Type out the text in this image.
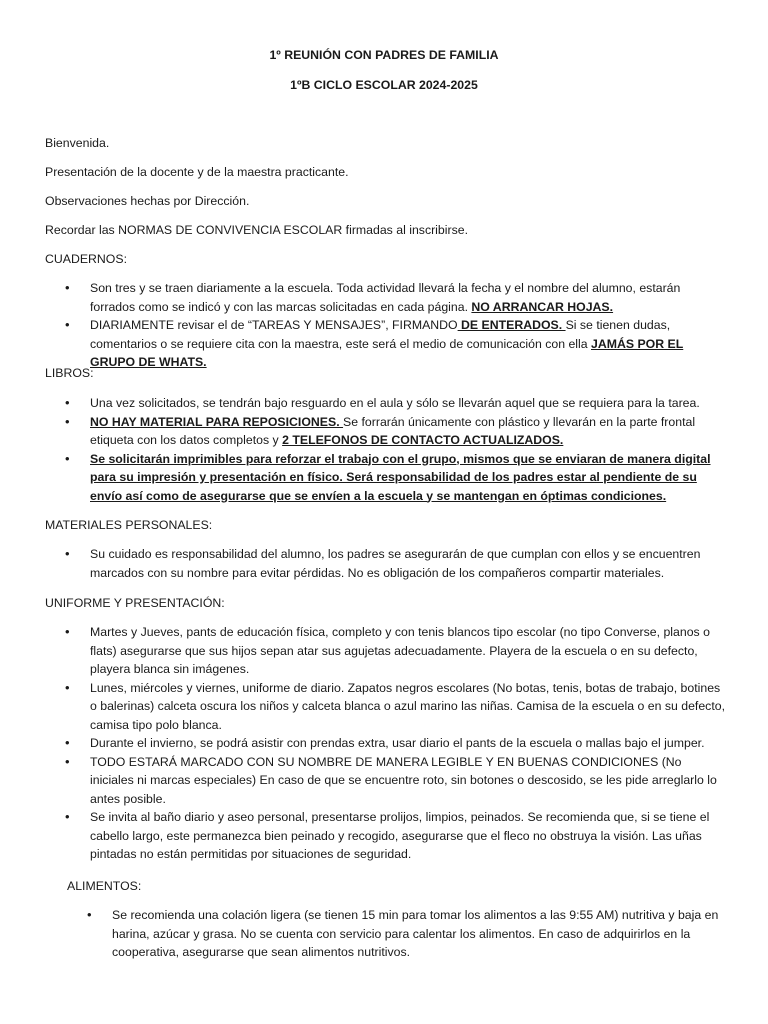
1º REUNIÓN CON PADRES DE FAMILIA
1ºB CICLO ESCOLAR 2024-2025
Bienvenida.
Presentación de la docente y de la maestra practicante.
Observaciones hechas por Dirección.
Recordar las NORMAS DE CONVIVENCIA ESCOLAR firmadas al inscribirse.
CUADERNOS:
• Son tres y se traen diariamente a la escuela. Toda actividad llevará la fecha y el nombre del alumno, estarán forrados como se indicó y con las marcas solicitadas en cada página. NO ARRANCAR HOJAS.
• DIARIAMENTE revisar el de “TAREAS Y MENSAJES”, FIRMANDO DE ENTERADOS. Si se tienen dudas, comentarios o se requiere cita con la maestra, este será el medio de comunicación con ella JAMÁS POR EL GRUPO DE WHATS.
LIBROS:
• Una vez solicitados, se tendrán bajo resguardo en el aula y sólo se llevarán aquel que se requiera para la tarea.
• NO HAY MATERIAL PARA REPOSICIONES. Se forrarán únicamente con plástico y llevarán en la parte frontal etiqueta con los datos completos y 2 TELEFONOS DE CONTACTO ACTUALIZADOS.
• Se solicitarán imprimibles para reforzar el trabajo con el grupo, mismos que se enviaran de manera digital para su impresión y presentación en físico. Será responsabilidad de los padres estar al pendiente de su envío así como de asegurarse que se envíen a la escuela y se mantengan en óptimas condiciones.
MATERIALES PERSONALES:
• Su cuidado es responsabilidad del alumno, los padres se asegurarán de que cumplan con ellos y se encuentren marcados con su nombre para evitar pérdidas. No es obligación de los compañeros compartir materiales.
UNIFORME Y PRESENTACIÓN:
• Martes y Jueves, pants de educación física, completo y con tenis blancos tipo escolar (no tipo Converse, planos o flats) asegurarse que sus hijos sepan atar sus agujetas adecuadamente. Playera de la escuela o en su defecto, playera blanca sin imágenes.
• Lunes, miércoles y viernes, uniforme de diario. Zapatos negros escolares (No botas, tenis, botas de trabajo, botines o balerinas) calceta oscura los niños y calceta blanca o azul marino las niñas. Camisa de la escuela o en su defecto, camisa tipo polo blanca.
• Durante el invierno, se podrá asistir con prendas extra, usar diario el pants de la escuela o mallas bajo el jumper.
• TODO ESTARÁ MARCADO CON SU NOMBRE DE MANERA LEGIBLE Y EN BUENAS CONDICIONES (No iniciales ni marcas especiales) En caso de que se encuentre roto, sin botones o descosido, se les pide arreglarlo lo antes posible.
• Se invita al baño diario y aseo personal, presentarse prolijos, limpios, peinados. Se recomienda que, si se tiene el cabello largo, este permanezca bien peinado y recogido, asegurarse que el fleco no obstruya la visión. Las uñas pintadas no están permitidas por situaciones de seguridad.
ALIMENTOS:
• Se recomienda una colación ligera (se tienen 15 min para tomar los alimentos a las 9:55 AM) nutritiva y baja en harina, azúcar y grasa. No se cuenta con servicio para calentar los alimentos. En caso de adquirirlos en la cooperativa, asegurarse que sean alimentos nutritivos.
